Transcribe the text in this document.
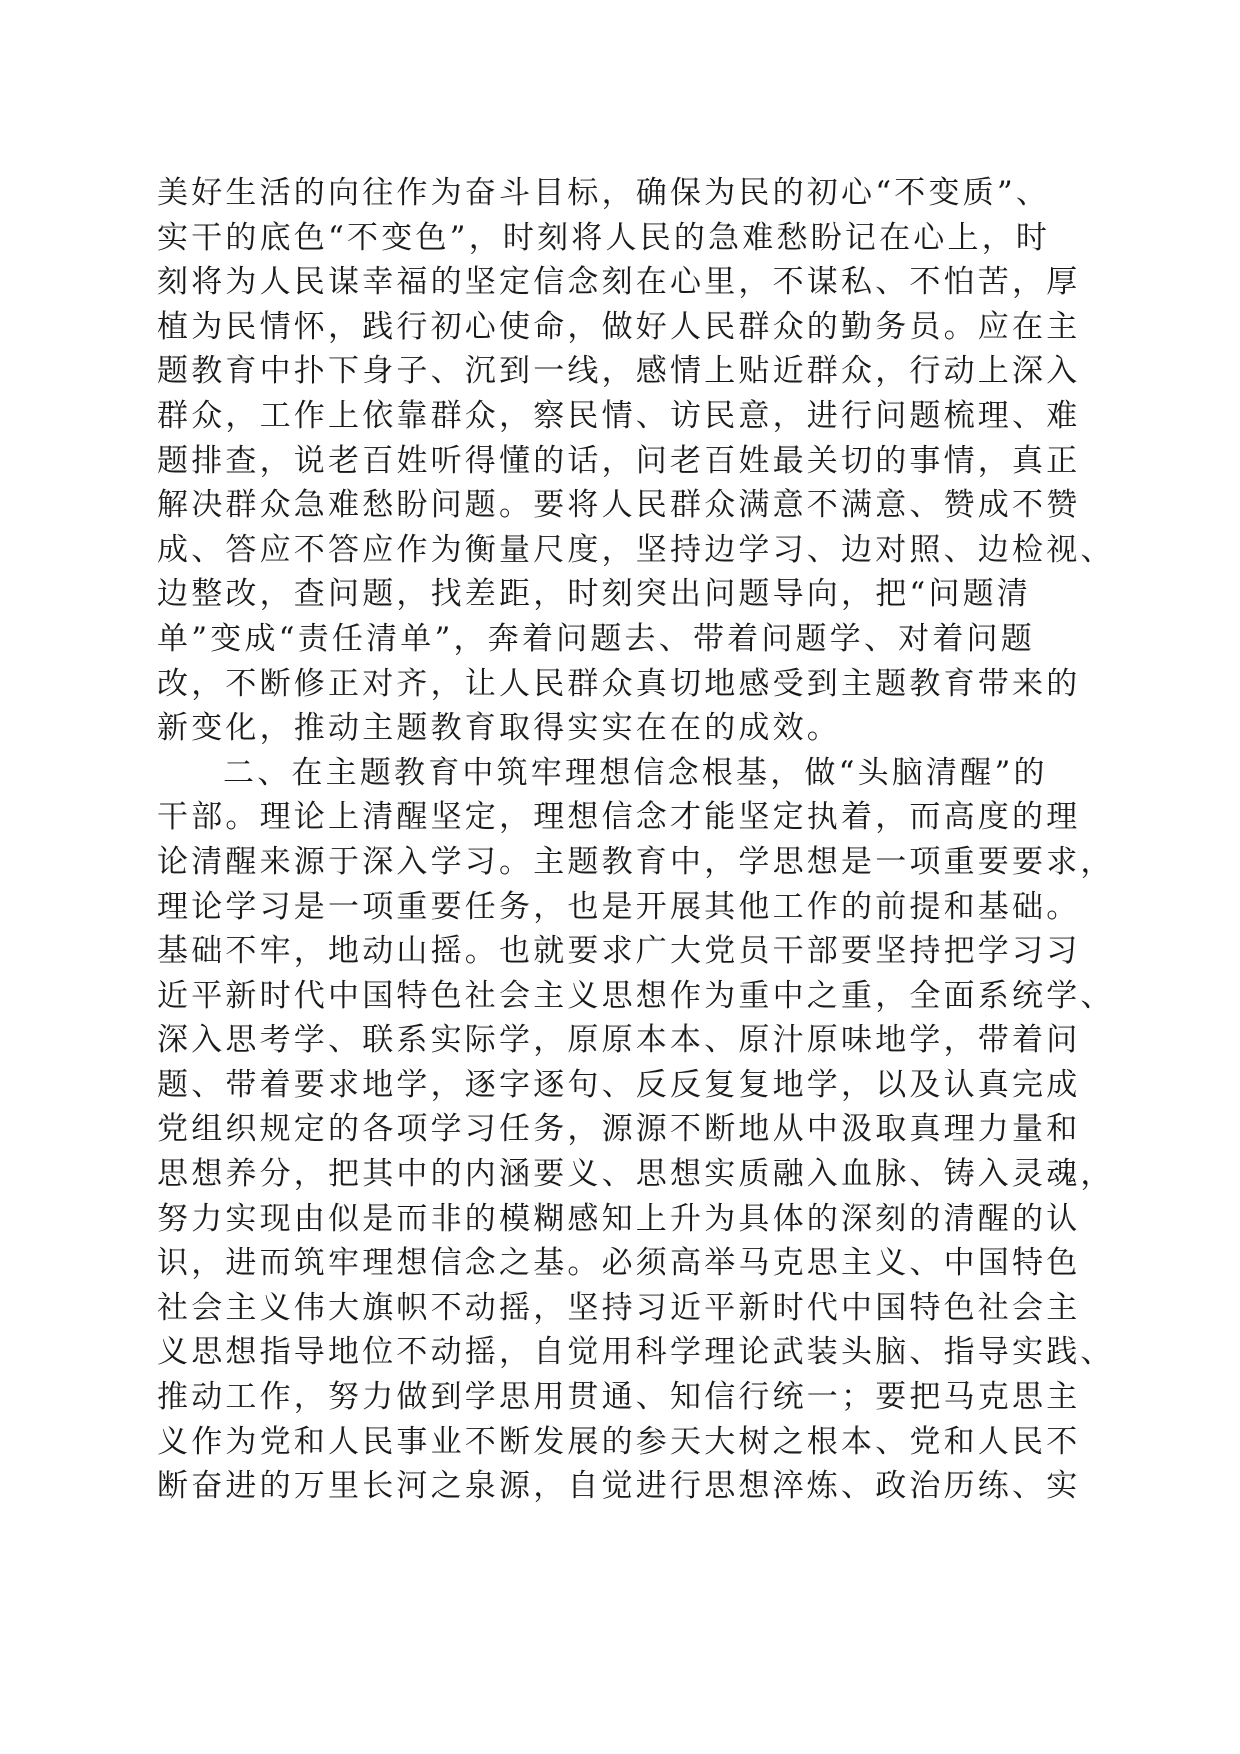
美好生活的向往作为奋斗目标，确保为民的初心“不变质”、
实干的底色“不变色”，时刻将人民的急难愁盼记在心上，时
刻将为人民谋幸福的坚定信念刻在心里，不谋私、不怕苦，厚
植为民情怀，践行初心使命，做好人民群众的勤务员。应在主
题教育中扑下身子、沉到一线，感情上贴近群众，行动上深入
群众，工作上依靠群众，察民情、访民意，进行问题梳理、难
题排查，说老百姓听得懂的话，问老百姓最关切的事情，真正
解决群众急难愁盼问题。要将人民群众满意不满意、赞成不赞
成、答应不答应作为衡量尺度，坚持边学习、边对照、边检视、
边整改，查问题，找差距，时刻突出问题导向，把“问题清
单”变成“责任清单”，奔着问题去、带着问题学、对着问题
改，不断修正对齐，让人民群众真切地感受到主题教育带来的
新变化，推动主题教育取得实实在在的成效。
二、在主题教育中筑牢理想信念根基，做“头脑清醒”的
干部。理论上清醒坚定，理想信念才能坚定执着，而高度的理
论清醒来源于深入学习。主题教育中，学思想是一项重要要求，
理论学习是一项重要任务，也是开展其他工作的前提和基础。
基础不牢，地动山摇。也就要求广大党员干部要坚持把学习习
近平新时代中国特色社会主义思想作为重中之重，全面系统学、
深入思考学、联系实际学，原原本本、原汁原味地学，带着问
题、带着要求地学，逐字逐句、反反复复地学，以及认真完成
党组织规定的各项学习任务，源源不断地从中汲取真理力量和
思想养分，把其中的内涵要义、思想实质融入血脉、铸入灵魂，
努力实现由似是而非的模糊感知上升为具体的深刻的清醒的认
识，进而筑牢理想信念之基。必须高举马克思主义、中国特色
社会主义伟大旗帜不动摇，坚持习近平新时代中国特色社会主
义思想指导地位不动摇，自觉用科学理论武装头脑、指导实践、
推动工作，努力做到学思用贯通、知信行统一；要把马克思主
义作为党和人民事业不断发展的参天大树之根本、党和人民不
断奋进的万里长河之泉源，自觉进行思想淬炼、政治历练、实
